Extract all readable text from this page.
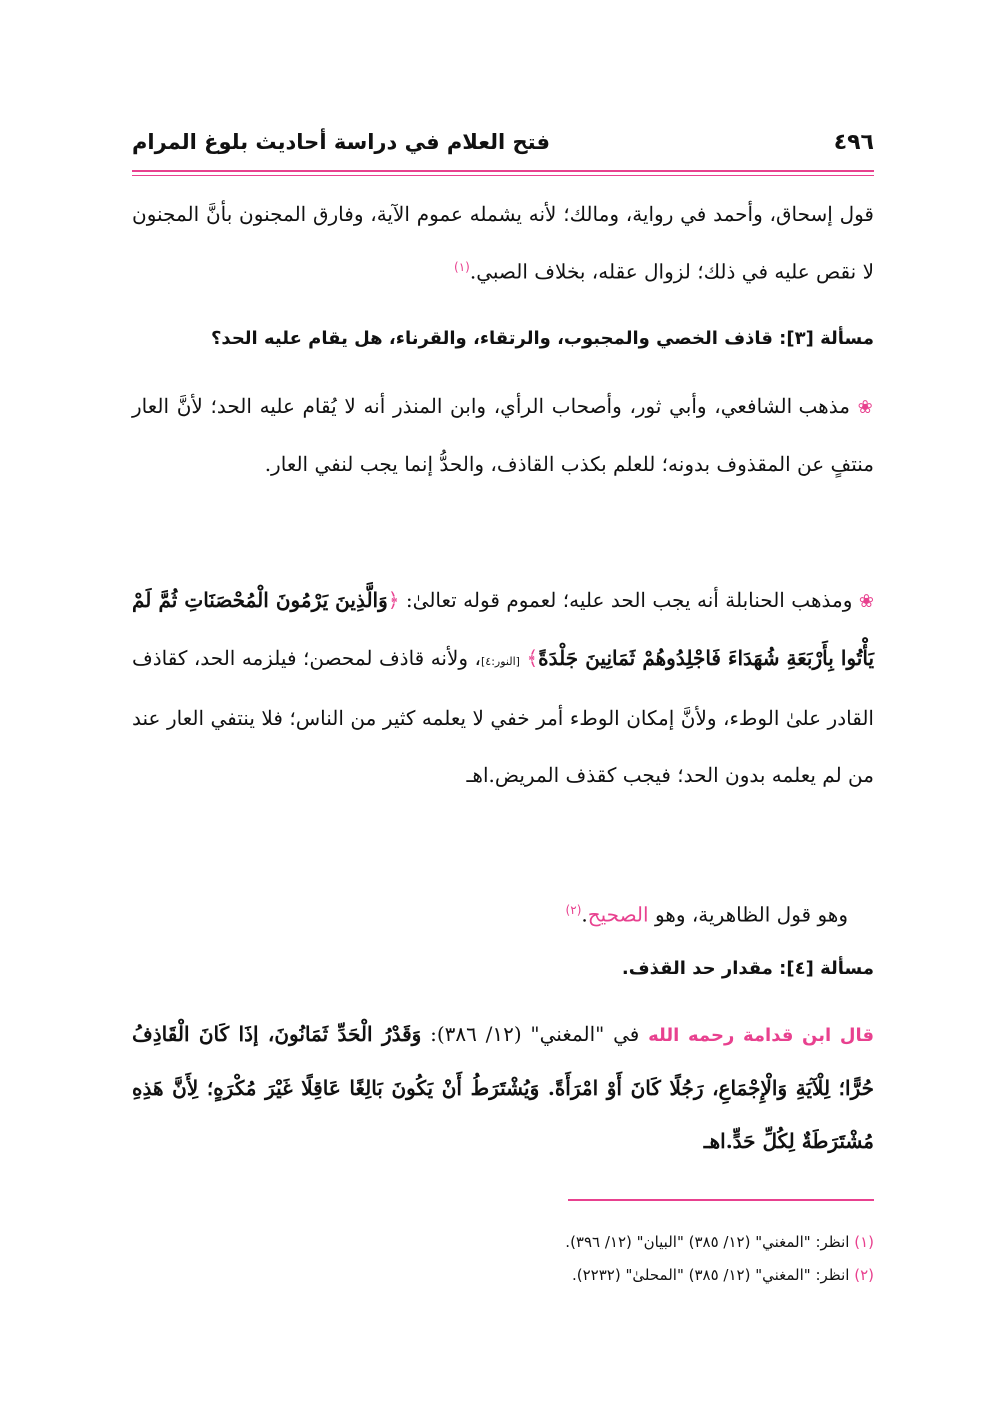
٤٩٦
فتح العلام في دراسة أحاديث بلوغ المرام
قول إسحاق، وأحمد في رواية، ومالك؛ لأنه يشمله عموم الآية، وفارق المجنون بأنَّ المجنون لا نقص عليه في ذلك؛ لزوال عقله، بخلاف الصبي.$^{(١)}$
مسألة [٣]: قاذف الخصي والمجبوب، والرتقاء، والقرناء، هل يقام عليه الحد؟
❀ مذهب الشافعي، وأبي ثور، وأصحاب الرأي، وابن المنذر أنه لا يُقام عليه الحد؛ لأنَّ العار منتفٍ عن المقذوف بدونه؛ للعلم بكذب القاذف، والحدُّ إنما يجب لنفي العار.
❀ ومذهب الحنابلة أنه يجب الحد عليه؛ لعموم قوله تعالىٰ: ﴿وَالَّذِينَ يَرْمُونَ الْمُحْصَنَاتِ ثُمَّ لَمْ يَأْتُوا بِأَرْبَعَةِ شُهَدَاءَ فَاجْلِدُوهُمْ ثَمَانِينَ جَلْدَةً﴾ [النور:٤]، ولأنه قاذف لمحصن؛ فيلزمه الحد، كقاذف القادر علىٰ الوطء، ولأنَّ إمكان الوطء أمر خفي لا يعلمه كثير من الناس؛ فلا ينتفي العار عند من لم يعلمه بدون الحد؛ فيجب كقذف المريض.اهـ
وهو قول الظاهرية، وهو الصحيح.$^{(٢)}$
مسألة [٤]: مقدار حد القذف.
قال ابن قدامة رحمه الله في "المغني" (١٢/ ٣٨٦): وَقَدْرُ الْحَدِّ ثَمَانُونَ، إذَا كَانَ الْقَاذِفُ حُرًّا؛ لِلْآيَةِ وَالْإِجْمَاعِ، رَجُلًا كَانَ أَوْ امْرَأَةً. وَيُشْتَرَطُ أَنْ يَكُونَ بَالِغًا عَاقِلًا غَيْرَ مُكْرَهٍ؛ لِأَنَّ هَذِهِ مُشْتَرَطَةٌ لِكُلِّ حَدٍّ.اهـ
(١) انظر: "المغني" (١٢/ ٣٨٥) "البيان" (١٢/ ٣٩٦).
(٢) انظر: "المغني" (١٢/ ٣٨٥) "المحلىٰ" (٢٢٣٢).
